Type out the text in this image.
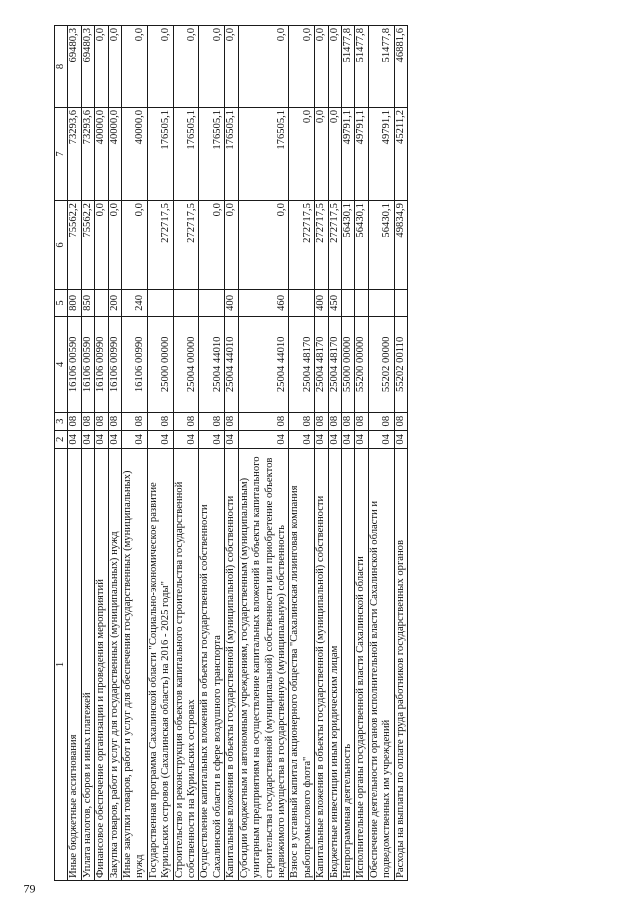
79
1	2	3	4	5	6	7	8
Иные бюджетные ассигнования	04	08	16106 00590	800	75562,2	73293,6	69480,3
Уплата налогов, сборов и иных платежей	04	08	16106 00590	850	75562,2	73293,6	69480,3
Финансовое обеспечение организации и проведения мероприятий	04	08	16106 00990		0,0	40000,0	0,0
Закупка товаров, работ и услуг для государственных (муниципальных) нужд	04	08	16106 00990	200	0,0	40000,0	0,0
Иные закупки товаров, работ и услуг для обеспечения государственных (муниципальных) нужд	04	08	16106 00990	240	0,0	40000,0	0,0
Государственная программа Сахалинской области "Социально-экономическое развитие Курильских островов (Сахалинская область) на 2016 - 2025 годы"	04	08	25000 00000		272717,5	176505,1	0,0
Строительство и реконструкция объектов капитального строительства государственной собственности на Курильских островах	04	08	25004 00000		272717,5	176505,1	0,0
Осуществление капитальных вложений в объекты государственной собственности Сахалинской области в сфере воздушного транспорта	04	08	25004 44010		0,0	176505,1	0,0
Капитальные вложения в объекты государственной (муниципальной) собственности	04	08	25004 44010	400	0,0	176505,1	0,0
Субсидии бюджетным и автономным учреждениям, государственным (муниципальным) унитарным предприятиям на осуществление капитальных вложений в объекты капитального строительства государственной (муниципальной) собственности или приобретение объектов недвижимого имущества в государственную (муниципальную) собственность	04	08	25004 44010	460	0,0	176505,1	0,0
Взнос в уставный капитал акционерного общества "Сахалинская лизинговая компания рыбопромыслового флота"	04	08	25004 48170		272717,5	0,0	0,0
Капитальные вложения в объекты государственной (муниципальной) собственности	04	08	25004 48170	400	272717,5	0,0	0,0
Бюджетные инвестиции иным юридическим лицам	04	08	25004 48170	450	272717,5	0,0	0,0
Непрограммная деятельность	04	08	55000 00000		56430,1	49791,1	51477,8
Исполнительные органы государственной власти Сахалинской области	04	08	55200 00000		56430,1	49791,1	51477,8
Обеспечение деятельности органов исполнительной власти Сахалинской области и подведомственных им учреждений	04	08	55202 00000		56430,1	49791,1	51477,8
Расходы на выплаты по оплате труда работников государственных органов	04	08	55202 00110		49834,9	45211,2	46881,6
